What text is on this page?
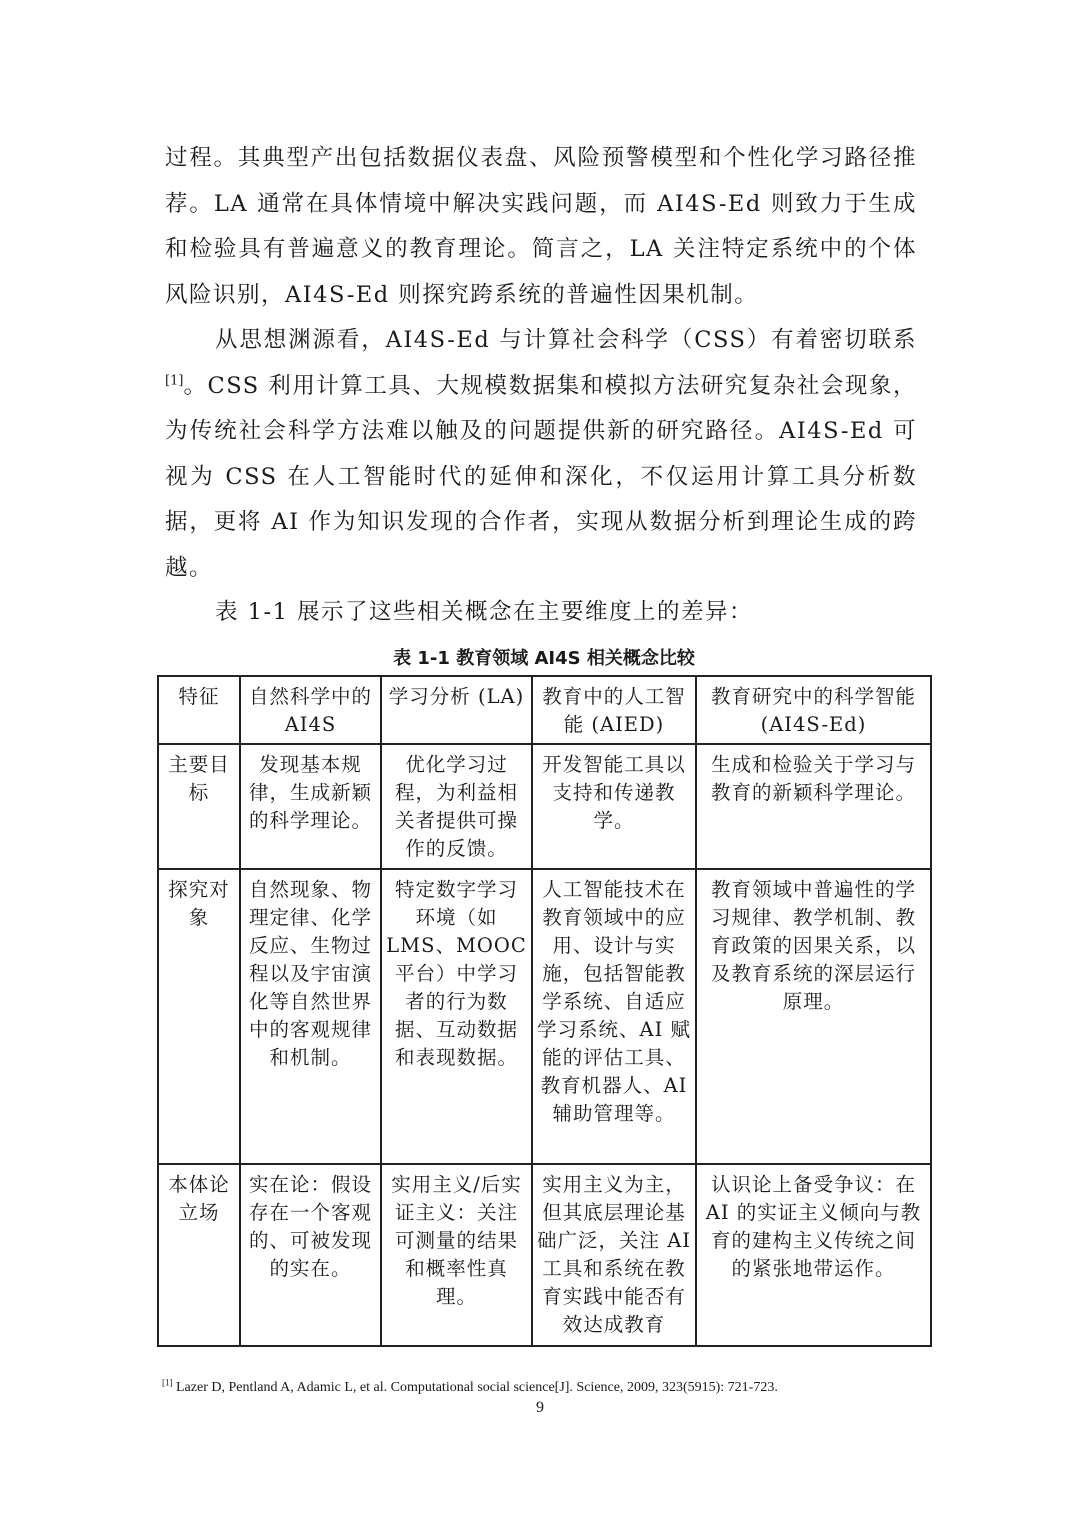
过程。其典型产出包括数据仪表盘、风险预警模型和个性化学习路径推荐。LA 通常在具体情境中解决实践问题，而 AI4S-Ed 则致力于生成和检验具有普遍意义的教育理论。简言之，LA 关注特定系统中的个体风险识别，AI4S-Ed 则探究跨系统的普遍性因果机制。

从思想渊源看，AI4S-Ed 与计算社会科学（CSS）有着密切联系[1]。CSS 利用计算工具、大规模数据集和模拟方法研究复杂社会现象，为传统社会科学方法难以触及的问题提供新的研究路径。AI4S-Ed 可视为 CSS 在人工智能时代的延伸和深化，不仅运用计算工具分析数据，更将 AI 作为知识发现的合作者，实现从数据分析到理论生成的跨越。

表 1-1 展示了这些相关概念在主要维度上的差异：

表 1-1 教育领域 AI4S 相关概念比较
特征	自然科学中的 AI4S	学习分析 (LA)	教育中的人工智能 (AIED)	教育研究中的科学智能 (AI4S-Ed)
主要目标	发现基本规律，生成新颖的科学理论。	优化学习过程，为利益相关者提供可操作的反馈。	开发智能工具以支持和传递教学。	生成和检验关于学习与教育的新颖科学理论。
探究对象	自然现象、物理定律、化学反应、生物过程以及宇宙演化等自然世界中的客观规律和机制。	特定数字学习环境（如 LMS、MOOC 平台）中学习者的行为数据、互动数据和表现数据。	人工智能技术在教育领域中的应用、设计与实施，包括智能教学系统、自适应学习系统、AI 赋能的评估工具、教育机器人、AI 辅助管理等。	教育领域中普遍性的学习规律、教学机制、教育政策的因果关系，以及教育系统的深层运行原理。
本体论立场	实在论：假设存在一个客观的、可被发现的实在。	实用主义/后实证主义：关注可测量的结果和概率性真理。	实用主义为主，但其底层理论基础广泛，关注 AI 工具和系统在教育实践中能否有效达成教育	认识论上备受争议：在 AI 的实证主义倾向与教育的建构主义传统之间的紧张地带运作。
[1] Lazer D, Pentland A, Adamic L, et al. Computational social science[J]. Science, 2009, 323(5915): 721-723.
9
